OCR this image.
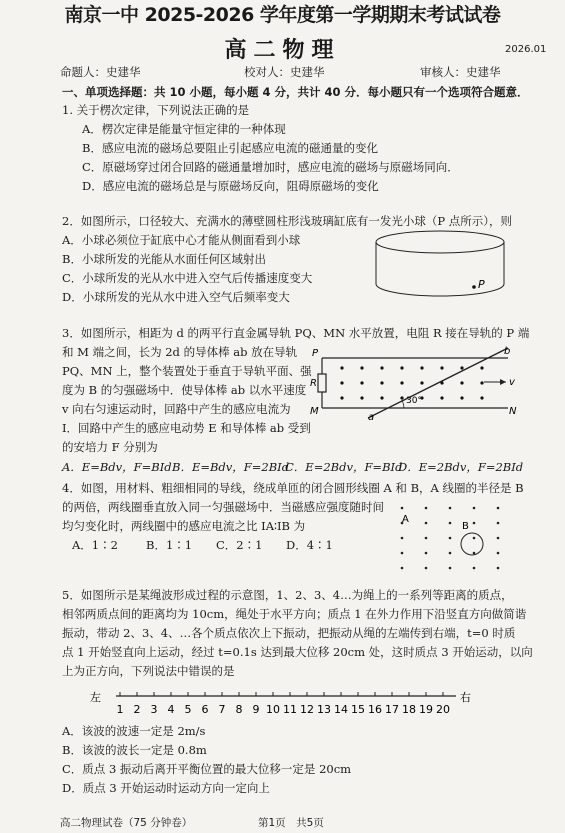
南京一中 2025-2026 学年度第一学期期末考试试卷
高二物理	2026.01
命题人：史建华	校对人：史建华	审核人：史建华
一、单项选择题：共 10 小题，每小题 4 分，共计 40 分．每小题只有一个选项符合题意．
1. 关于楞次定律，下列说法正确的是
A．楞次定律是能量守恒定律的一种体现
B．感应电流的磁场总要阻止引起感应电流的磁通量的变化
C．原磁场穿过闭合回路的磁通量增加时，感应电流的磁场与原磁场同向．
D．感应电流的磁场总是与原磁场反向，阻碍原磁场的变化
2．如图所示，口径较大、充满水的薄壁圆柱形浅玻璃缸底有一发光小球（P 点所示），则
A．小球必须位于缸底中心才能从侧面看到小球
B．小球所发的光能从水面任何区域射出
C．小球所发的光从水中进入空气后传播速度变大
D．小球所发的光从水中进入空气后频率变大
P
3．如图所示，相距为 d 的两平行直金属导轨 PQ、MN 水平放置，电阻 R 接在导轨的 P 端
和 M 端之间，长为 2d 的导体棒 ab 放在导轨
PQ、MN 上，整个装置处于垂直于导轨平面、强
度为 B 的匀强磁场中．使导体棒 ab 以水平速度
v 向右匀速运动时，回路中产生的感应电流为
I．回路中产生的感应电动势 E 和导体棒 ab 受到
的安培力 F 分别为
A．E=Bdv，F=BId B．E=Bdv，F=2BId
C．E=2Bdv，F=BId
D．E=2Bdv，F=2BId
P
R
M	N
b
a
v
30°
4．如图，用材料、粗细相同的导线，绕成单匝的闭合圆形线圈 A 和 B，A 线圈的半径是 B
的两倍，两线圈垂直放入同一匀强磁场中．当磁感应强度随时间
均匀变化时，两线圈中的感应电流之比 IA∶IB 为
A．1∶2 B．1∶1 C．2∶1 D．4∶1
A
B
5．如图所示是某绳波形成过程的示意图，1、2、3、4…为绳上的一系列等距离的质点，
相邻两质点间的距离均为 10cm，绳处于水平方向；质点 1 在外力作用下沿竖直方向做简谐
振动，带动 2、3、4、…各个质点依次上下振动，把振动从绳的左端传到右端，t=0 时质
点 1 开始竖直向上运动，经过 t=0.1s 达到最大位移 20cm 处，这时质点 3 开始运动，以向
上为正方向，下列说法中错误的是
左	右
1 2 3 4 5 6 7 8 9 10 11 12 13 14 15 16 17 18 19 20
A．该波的波速一定是 2m/s
B．该波的波长一定是 0.8m
C．质点 3 振动后离开平衡位置的最大位移一定是 20cm
D．质点 3 开始运动时运动方向一定向上
高二物理试卷（75 分钟卷）	第1页　共5页
